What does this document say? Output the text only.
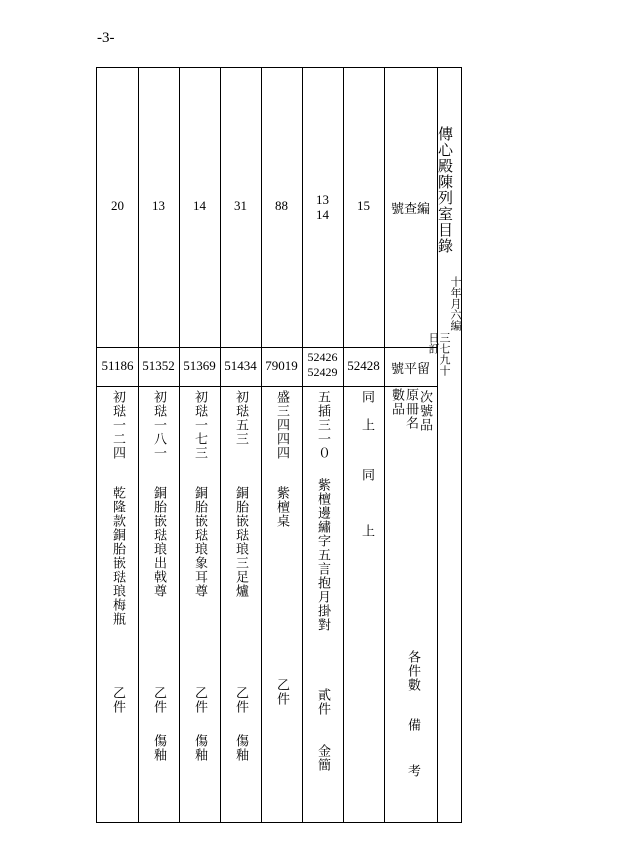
-3-
傳心殿陳列室目錄
十年月六編
三七九十日訂
號查編
號平留
原冊名 次號品
數品
各件數
備　考
15
52428
同　上
同　　　上
13
14
52426
52429
五插三一０
紫檀邊繡字五言抱月掛對
貳件
金簡
88
79019
盛三四四四
紫檀桌
乙件
31
51434
初琺五三
銅胎嵌琺琅三足爐
乙件
傷釉
14
51369
初琺一七三
銅胎嵌琺琅象耳尊
乙件
傷釉
13
51352
初琺一八一
銅胎嵌琺琅出戟尊
乙件
傷釉
20
51186
初琺一二四
乾隆款銅胎嵌琺琅梅瓶
乙件
